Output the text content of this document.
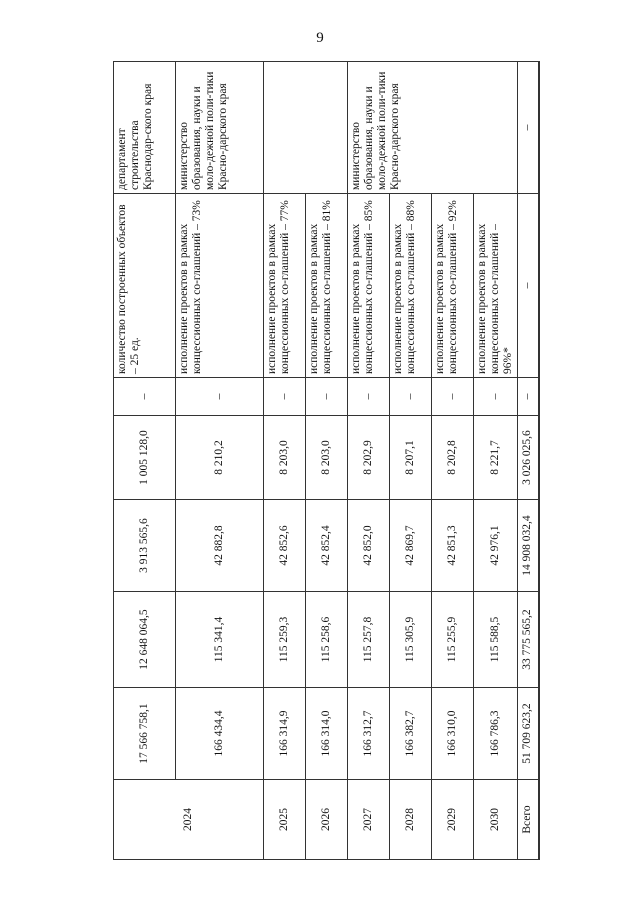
9
2024	17 566 758,1	12 648 064,5	3 913 565,6	1 005 128,0	–	количество построенных объектов – 25 ед.	департамент строительства Краснодар-ского края
	166 434,4	115 341,4	42 882,8	8 210,2	–	исполнение проектов в рамках концессионных со-глашений – 73%	министерство образования, науки и моло-дежной поли-тики Красно-дарского края
2025	166 314,9	115 259,3	42 852,6	8 203,0	–	исполнение проектов в рамках концессионных со-глашений – 77%	
2026	166 314,0	115 258,6	42 852,4	8 203,0	–	исполнение проектов в рамках концессионных со-глашений – 81%	
2027	166 312,7	115 257,8	42 852,0	8 202,9	–	исполнение проектов в рамках концессионных со-глашений – 85%	министерство образования, науки и моло-дежной поли-тики Красно-дарского края
2028	166 382,7	115 305,9	42 869,7	8 207,1	–	исполнение проектов в рамках концессионных со-глашений – 88%	
2029	166 310,0	115 255,9	42 851,3	8 202,8	–	исполнение проектов в рамках концессионных со-глашений – 92%	
2030	166 786,3	115 588,5	42 976,1	8 221,7	–	исполнение проектов в рамках концессионных со-глашений – 96%*	
Всего	51 709 623,2	33 775 565,2	14 908 032,4	3 026 025,6	–	–	–
